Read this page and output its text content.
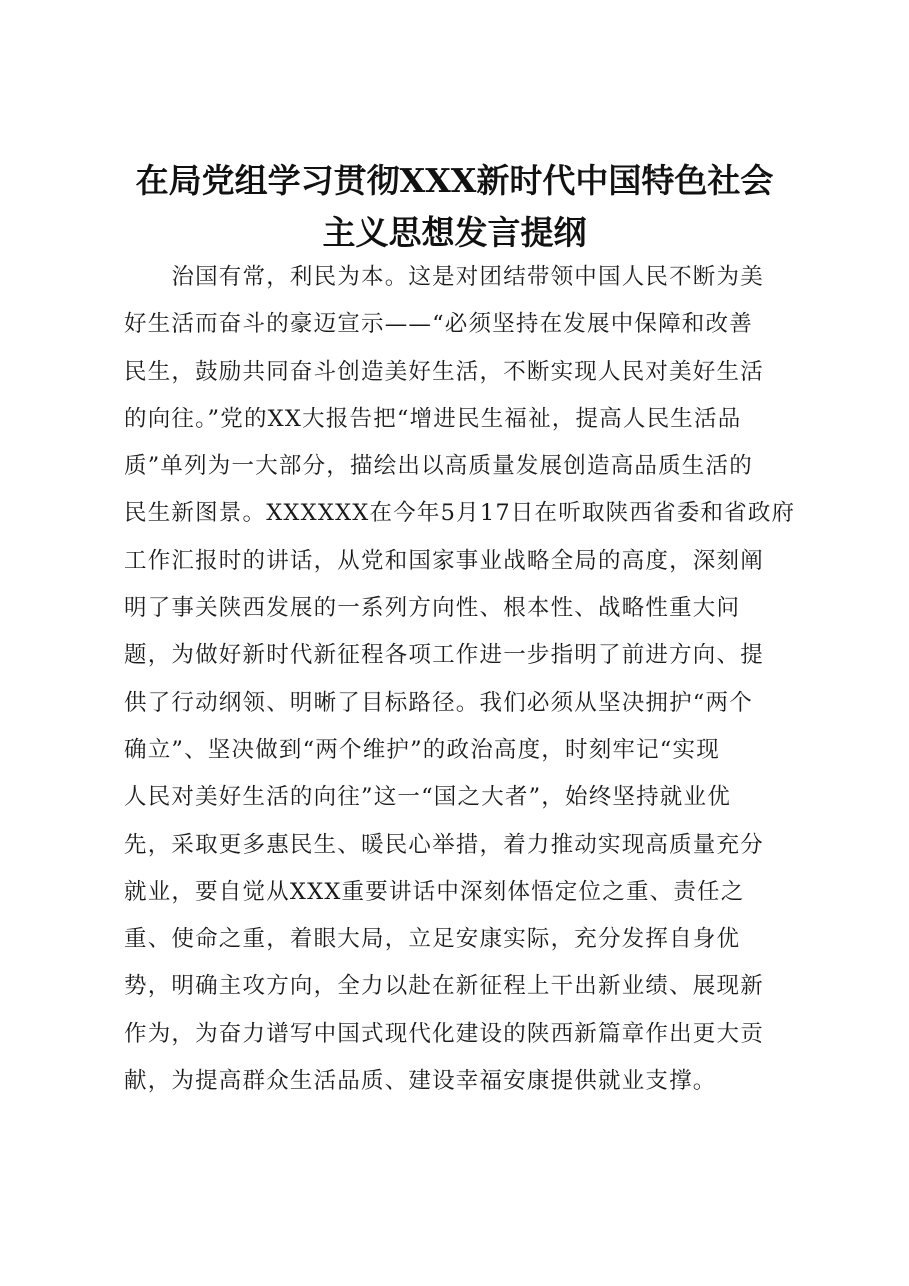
在局党组学习贯彻XXX新时代中国特色社会
主义思想发言提纲
　　治国有常，利民为本。这是对团结带领中国人民不断为美
好生活而奋斗的豪迈宣示——“必须坚持在发展中保障和改善
民生，鼓励共同奋斗创造美好生活，不断实现人民对美好生活
的向往。”党的XX大报告把“增进民生福祉，提高人民生活品
质”单列为一大部分，描绘出以高质量发展创造高品质生活的
民生新图景。XXXXXX在今年5月17日在听取陕西省委和省政府
工作汇报时的讲话，从党和国家事业战略全局的高度，深刻阐
明了事关陕西发展的一系列方向性、根本性、战略性重大问
题，为做好新时代新征程各项工作进一步指明了前进方向、提
供了行动纲领、明晰了目标路径。我们必须从坚决拥护“两个
确立”、坚决做到“两个维护”的政治高度，时刻牢记“实现
人民对美好生活的向往”这一“国之大者”，始终坚持就业优
先，采取更多惠民生、暖民心举措，着力推动实现高质量充分
就业，要自觉从XXX重要讲话中深刻体悟定位之重、责任之
重、使命之重，着眼大局，立足安康实际，充分发挥自身优
势，明确主攻方向，全力以赴在新征程上干出新业绩、展现新
作为，为奋力谱写中国式现代化建设的陕西新篇章作出更大贡
献，为提高群众生活品质、建设幸福安康提供就业支撑。
